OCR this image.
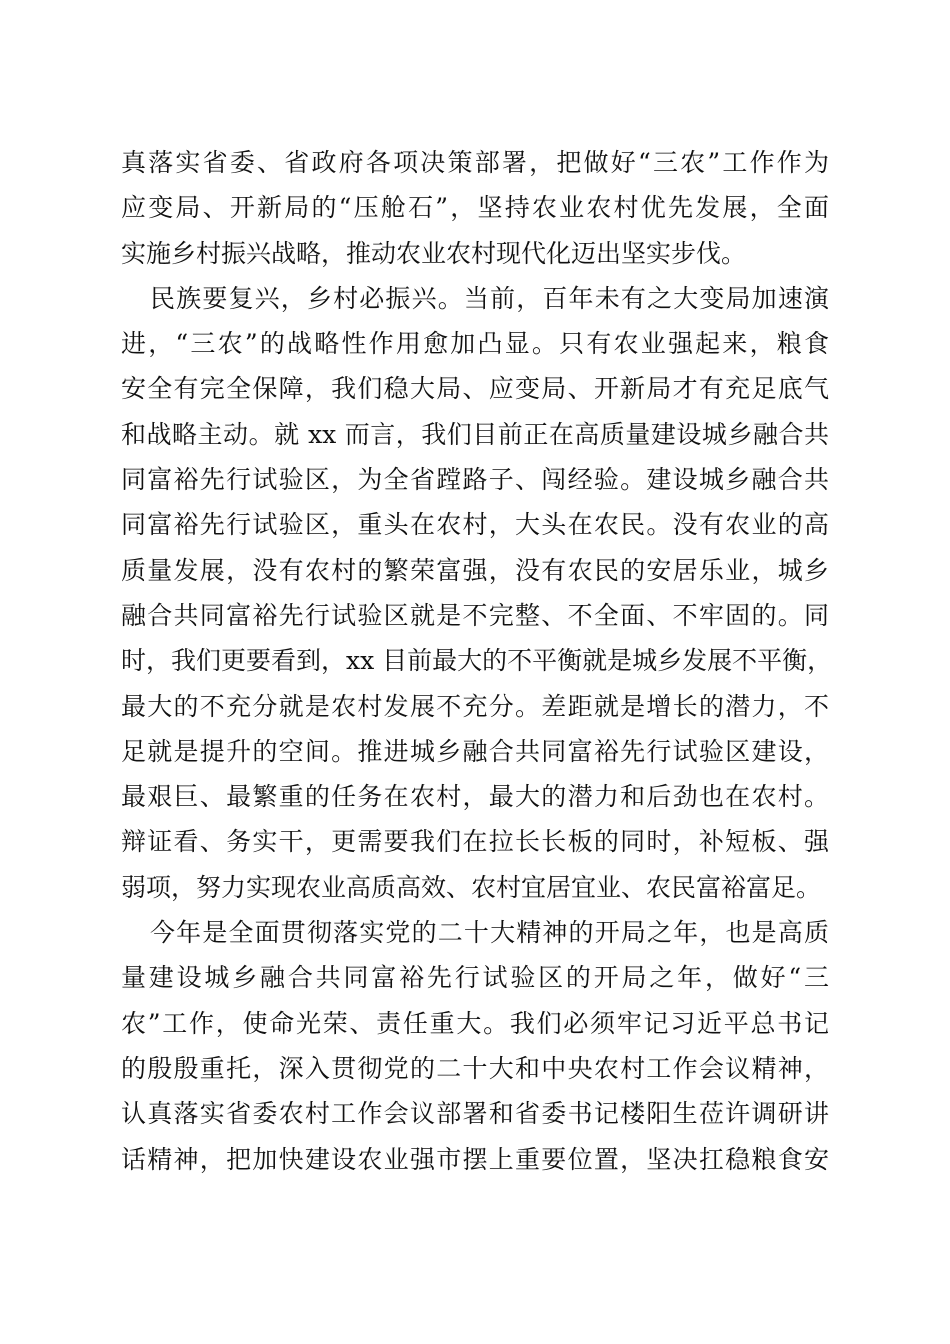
真落实省委、省政府各项决策部署，把做好“三农”工作作为
应变局、开新局的“压舱石”，坚持农业农村优先发展，全面
实施乡村振兴战略，推动农业农村现代化迈出坚实步伐。
民族要复兴，乡村必振兴。当前，百年未有之大变局加速演
进，“三农”的战略性作用愈加凸显。只有农业强起来，粮食
安全有完全保障，我们稳大局、应变局、开新局才有充足底气
和战略主动。就 xx 而言，我们目前正在高质量建设城乡融合共
同富裕先行试验区，为全省蹚路子、闯经验。建设城乡融合共
同富裕先行试验区，重头在农村，大头在农民。没有农业的高
质量发展，没有农村的繁荣富强，没有农民的安居乐业，城乡
融合共同富裕先行试验区就是不完整、不全面、不牢固的。同
时，我们更要看到，xx 目前最大的不平衡就是城乡发展不平衡，
最大的不充分就是农村发展不充分。差距就是增长的潜力，不
足就是提升的空间。推进城乡融合共同富裕先行试验区建设，
最艰巨、最繁重的任务在农村，最大的潜力和后劲也在农村。
辩证看、务实干，更需要我们在拉长长板的同时，补短板、强
弱项，努力实现农业高质高效、农村宜居宜业、农民富裕富足。
今年是全面贯彻落实党的二十大精神的开局之年，也是高质
量建设城乡融合共同富裕先行试验区的开局之年，做好“三
农”工作，使命光荣、责任重大。我们必须牢记习近平总书记
的殷殷重托，深入贯彻党的二十大和中央农村工作会议精神，
认真落实省委农村工作会议部署和省委书记楼阳生莅许调研讲
话精神，把加快建设农业强市摆上重要位置，坚决扛稳粮食安
